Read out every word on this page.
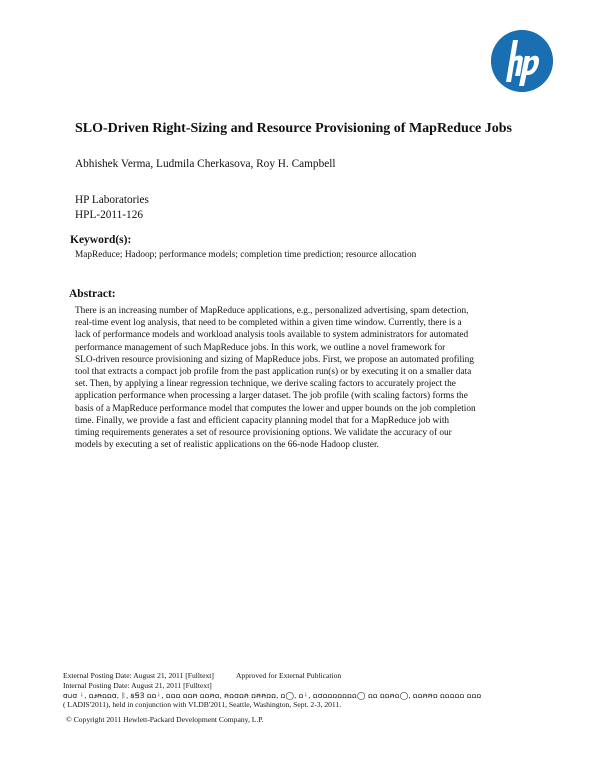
SLO-Driven Right-Sizing and Resource Provisioning of MapReduce Jobs
Abhishek Verma, Ludmila Cherkasova, Roy H. Campbell
HP Laboratories
HPL-2011-126
Keyword(s):
MapReduce; Hadoop; performance models; completion time prediction; resource allocation
Abstract:
There is an increasing number of MapReduce applications, e.g., personalized advertising, spam detection,
real-time event log analysis, that need to be completed within a given time window. Currently, there is a
lack of performance models and workload analysis tools available to system administrators for automated
performance management of such MapReduce jobs. In this work, we outline a novel framework for
SLO-driven resource provisioning and sizing of MapReduce jobs. First, we propose an automated profiling
tool that extracts a compact job profile from the past application run(s) or by executing it on a smaller data
set. Then, by applying a linear regression technique, we derive scaling factors to accurately project the
application performance when processing a larger dataset. The job profile (with scaling factors) forms the
basis of a MapReduce performance model that computes the lower and upper bounds on the job completion
time. Finally, we provide a fast and efficient capacity planning model that for a MapReduce job with
timing requirements generates a set of resource provisioning options. We validate the accuracy of our
models by executing a set of realistic applications on the 66-node Hadoop cluster.
External Posting Date: August 21, 2011 [Fulltext]	Approved for External Publication
Internal Posting Date: August 21, 2011 [Fulltext]
ꭤᥙꭤ ᛍ, ꭥꭨꞥꭥꭥꭤ, ᛒ, ꞩꞨꞫ ꭥꭥᛍ, ꭥꭥꭥ ꭥꭥꞥ ꭥꭥꞥꭥ, ꞥꭥꭤꭥꞥ ꭥꞥꞥꭥꭥ, ꭥ◯, ꭥᛍ, ꭥꭤꭥꭥꭥꭥꭥꭥꭥ◯ ꭥꭥ ꭥꭥꞥꭥ◯, ꭥꭥꞥꞥꭥ ꭥꭥꭥꭥꭥ ꭥꭥꭥ
( LADIS'2011), held in conjunction with VLDB'2011, Seattle, Washington, Sept. 2-3, 2011.
© Copyright 2011 Hewlett-Packard Development Company, L.P.
